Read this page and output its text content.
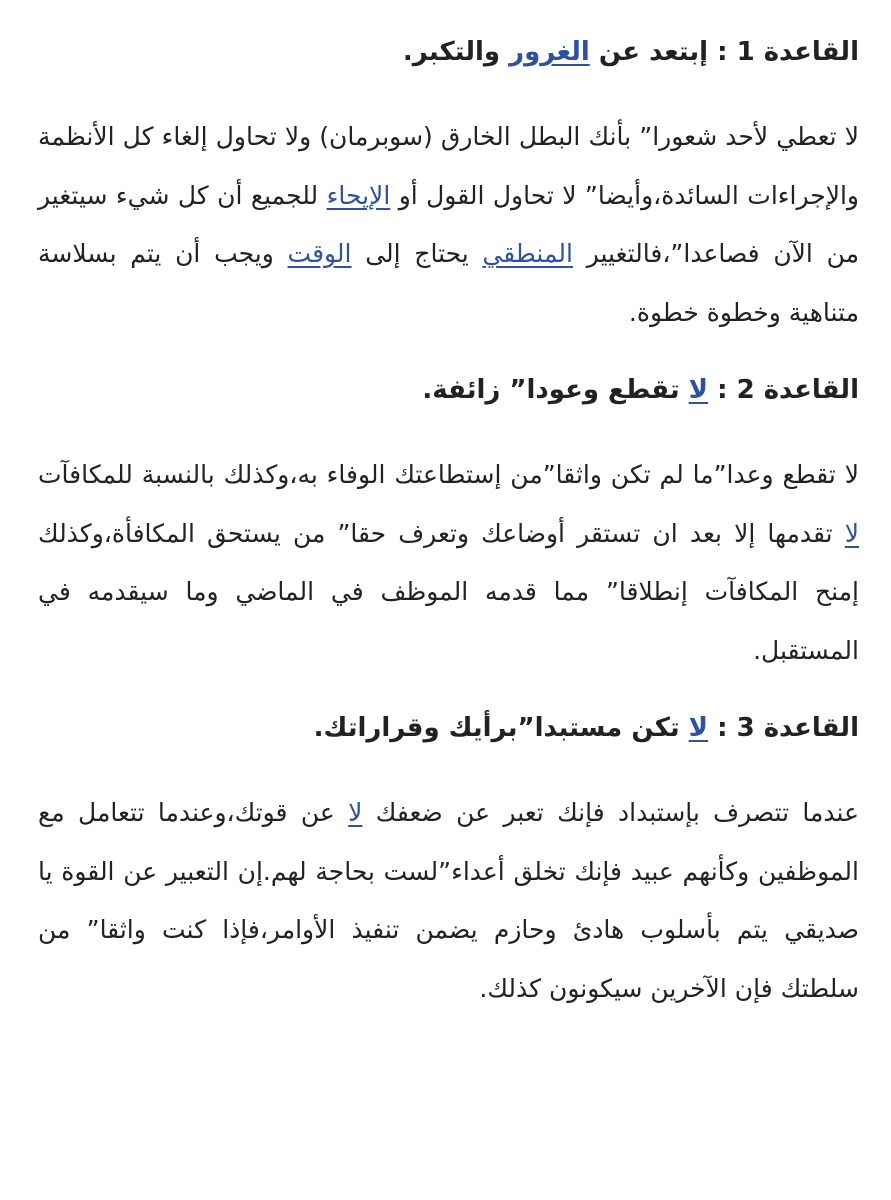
القاعدة 1 : إبتعد عن الغرور والتكبر.

لا تعطي لأحد شعورا” بأنك البطل الخارق (سوبرمان) ولا تحاول إلغاء كل الأنظمة والإجراءات السائدة،وأيضا” لا تحاول القول أو الإيحاء للجميع أن كل شيء سيتغير من الآن فصاعدا”،فالتغيير المنطقي يحتاج إلى الوقت ويجب أن يتم بسلاسة متناهية وخطوة خطوة.

القاعدة 2 : لا تقطع وعودا” زائفة.

لا تقطع وعدا”ما لم تكن واثقا”من إستطاعتك الوفاء به،وكذلك بالنسبة للمكافآت لا تقدمها إلا بعد ان تستقر أوضاعك وتعرف حقا” من يستحق المكافأة،وكذلك إمنح المكافآت إنطلاقا” مما قدمه الموظف في الماضي وما سيقدمه في المستقبل.

القاعدة 3 : لا تكن مستبدا”برأيك وقراراتك.

عندما تتصرف بإستبداد فإنك تعبر عن ضعفك لا عن قوتك،وعندما تتعامل مع الموظفين وكأنهم عبيد فإنك تخلق أعداء”لست بحاجة لهم.إن التعبير عن القوة يا صديقي يتم بأسلوب هادئ وحازم يضمن تنفيذ الأوامر،فإذا كنت واثقا” من سلطتك فإن الآخرين سيكونون كذلك.
